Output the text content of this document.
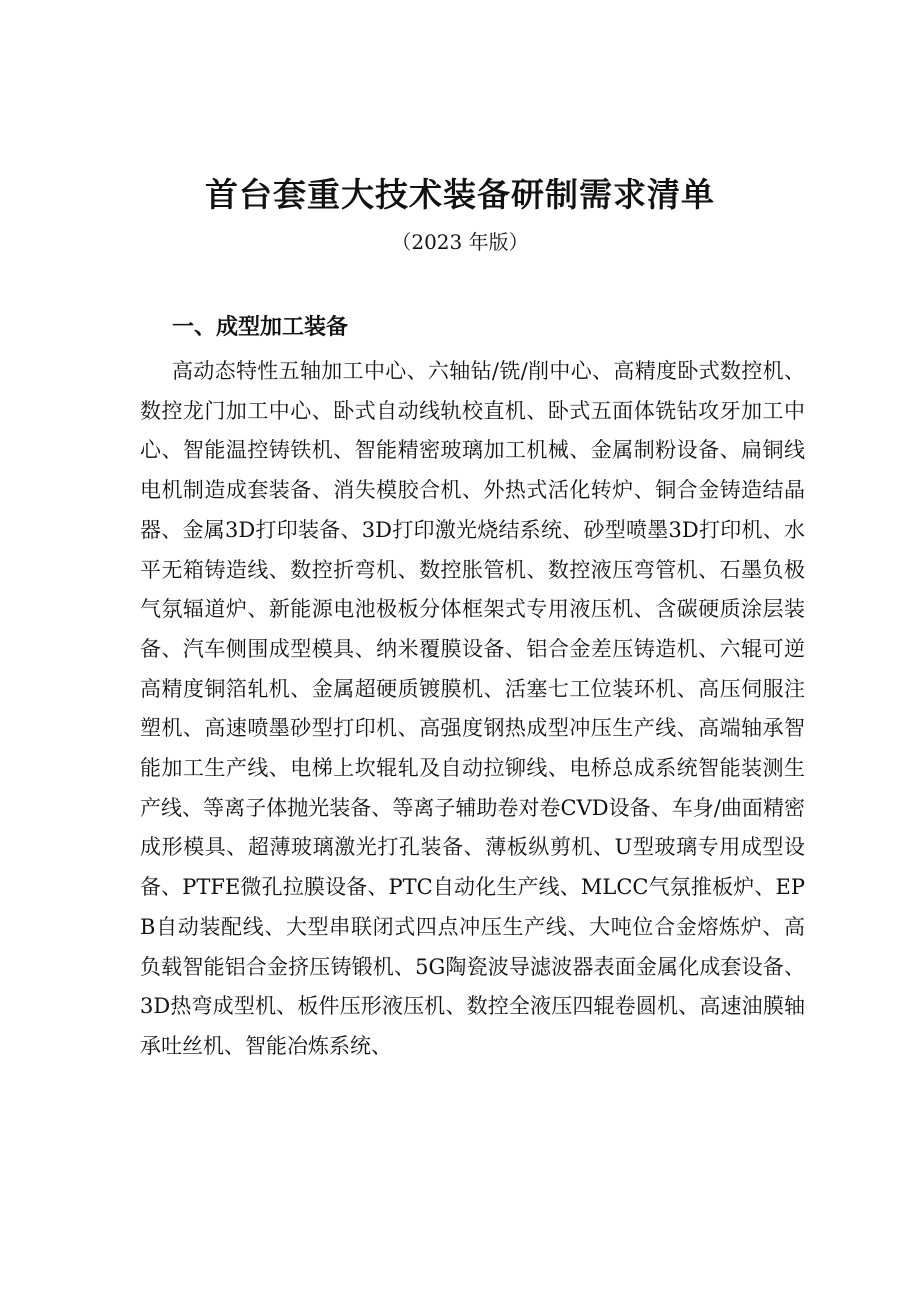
首台套重大技术装备研制需求清单
（2023 年版）
一、成型加工装备

高动态特性五轴加工中心、六轴钻/铣/削中心、高精度卧式数控机、数控龙门加工中心、卧式自动线轨校直机、卧式五面体铣钻攻牙加工中心、智能温控铸铁机、智能精密玻璃加工机械、金属制粉设备、扁铜线电机制造成套装备、消失模胶合机、外热式活化转炉、铜合金铸造结晶器、金属3D打印装备、3D打印激光烧结系统、砂型喷墨3D打印机、水平无箱铸造线、数控折弯机、数控胀管机、数控液压弯管机、石墨负极气氛辐道炉、新能源电池极板分体框架式专用液压机、含碳硬质涂层装备、汽车侧围成型模具、纳米覆膜设备、铝合金差压铸造机、六辊可逆高精度铜箔轧机、金属超硬质镀膜机、活塞七工位装环机、高压伺服注塑机、高速喷墨砂型打印机、高强度钢热成型冲压生产线、高端轴承智能加工生产线、电梯上坎辊轧及自动拉铆线、电桥总成系统智能装测生产线、等离子体抛光装备、等离子辅助卷对卷CVD设备、车身/曲面精密成形模具、超薄玻璃激光打孔装备、薄板纵剪机、U型玻璃专用成型设备、PTFE微孔拉膜设备、PTC自动化生产线、MLCC气氛推板炉、EPB自动装配线、大型串联闭式四点冲压生产线、大吨位合金熔炼炉、高负载智能铝合金挤压铸锻机、5G陶瓷波导滤波器表面金属化成套设备、3D热弯成型机、板件压形液压机、数控全液压四辊卷圆机、高速油膜轴承吐丝机、智能冶炼系统、
